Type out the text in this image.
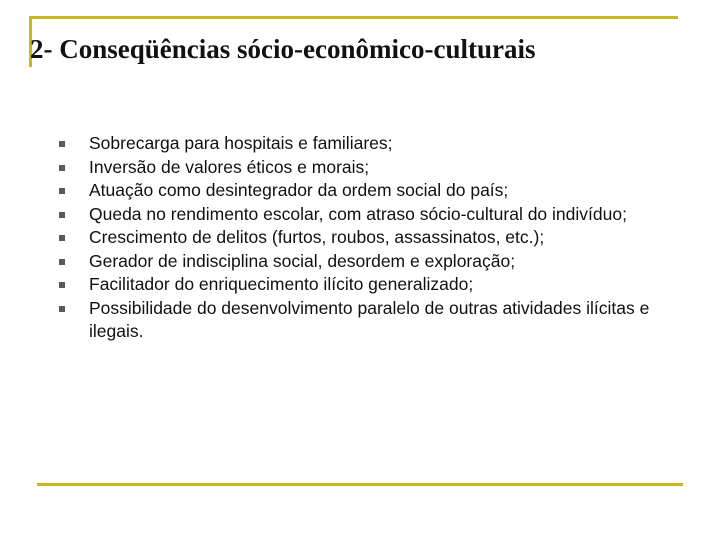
2- Conseqüências sócio-econômico-culturais
Sobrecarga para hospitais e familiares;
Inversão de valores éticos e morais;
Atuação como desintegrador da ordem social do país;
Queda no rendimento escolar, com atraso sócio-cultural do indivíduo;
Crescimento de delitos (furtos, roubos, assassinatos, etc.);
Gerador de indisciplina social, desordem e exploração;
Facilitador do enriquecimento ilícito generalizado;
Possibilidade do desenvolvimento paralelo de outras atividades ilícitas e ilegais.
